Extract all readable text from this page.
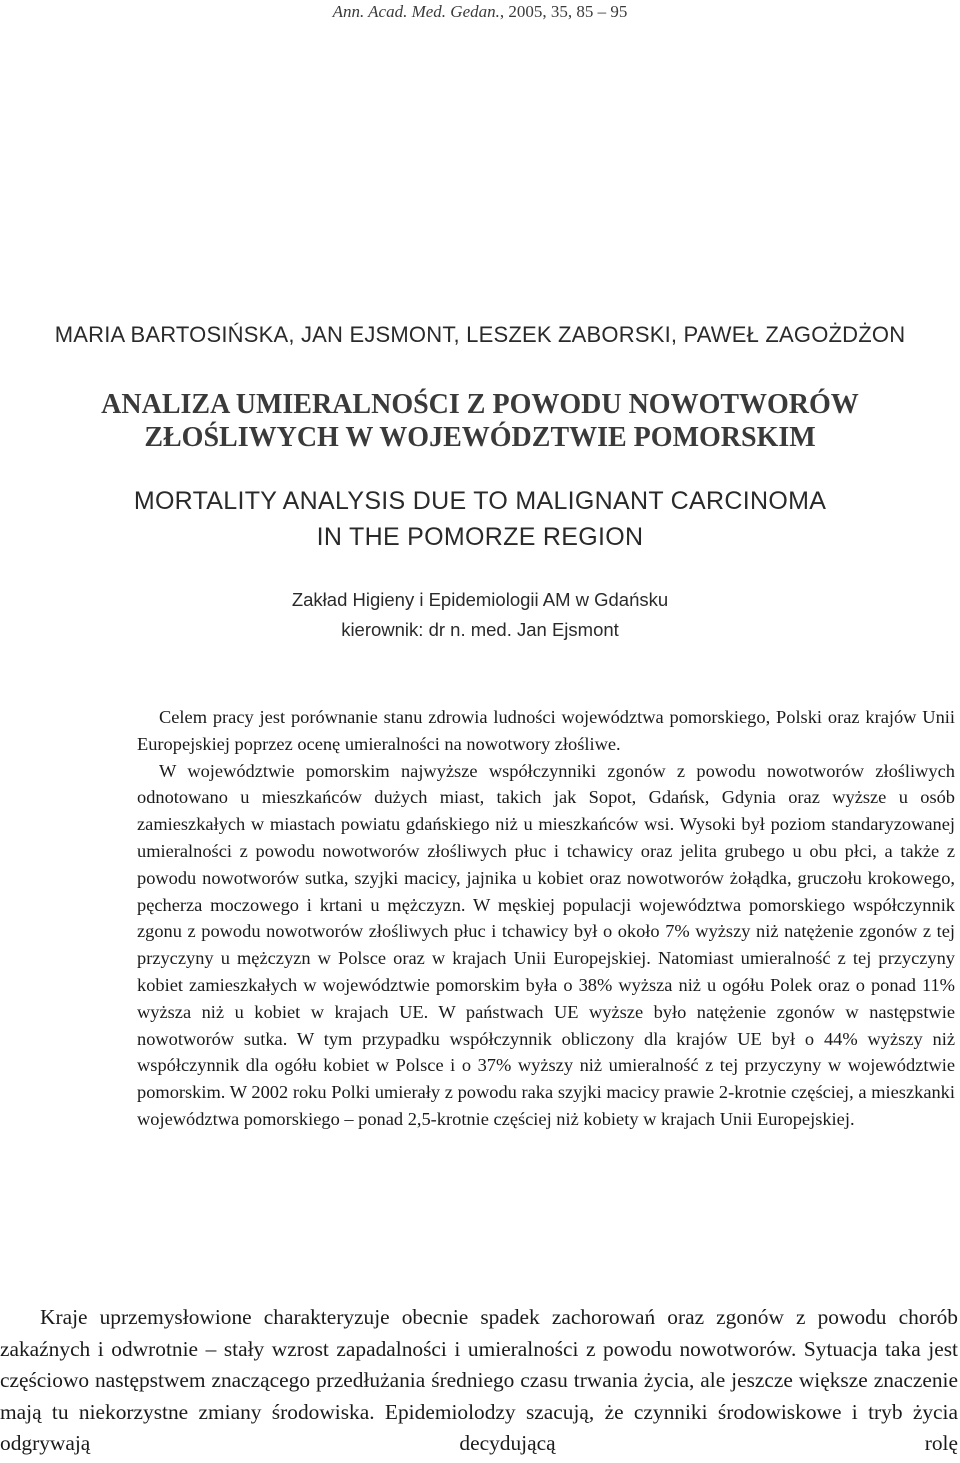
Ann. Acad. Med. Gedan., 2005, 35, 85 – 95
MARIA BARTOSIŃSKA, JAN EJSMONT, LESZEK ZABORSKI, PAWEŁ ZAGOŻDŻON
ANALIZA UMIERALNOŚCI Z POWODU NOWOTWORÓW
ZŁOŚLIWYCH W WOJEWÓDZTWIE POMORSKIM
MORTALITY ANALYSIS DUE TO MALIGNANT CARCINOMA
IN THE POMORZE REGION
Zakład Higieny i Epidemiologii AM w Gdańsku
kierownik: dr n. med. Jan Ejsmont

Celem pracy jest porównanie stanu zdrowia ludności województwa pomorskiego, Polski oraz krajów Unii Europejskiej poprzez ocenę umieralności na nowotwory złośliwe.

W województwie pomorskim najwyższe współczynniki zgonów z powodu nowotworów złośliwych odnotowano u mieszkańców dużych miast, takich jak Sopot, Gdańsk, Gdynia oraz wyższe u osób zamieszkałych w miastach powiatu gdańskiego niż u mieszkańców wsi. Wysoki był poziom standaryzowanej umieralności z powodu nowotworów złośliwych płuc i tchawicy oraz jelita grubego u obu płci, a także z powodu nowotworów sutka, szyjki macicy, jajnika u kobiet oraz nowotworów żołądka, gruczołu krokowego, pęcherza moczowego i krtani u mężczyzn. W męskiej populacji województwa pomorskiego współczynnik zgonu z powodu nowotworów złośliwych płuc i tchawicy był o około 7% wyższy niż natężenie zgonów z tej przyczyny u mężczyzn w Polsce oraz w krajach Unii Europejskiej. Natomiast umieralność z tej przyczyny kobiet zamieszkałych w województwie pomorskim była o 38% wyższa niż u ogółu Polek oraz o ponad 11% wyższa niż u kobiet w krajach UE. W państwach UE wyższe było natężenie zgonów w następstwie nowotworów sutka. W tym przypadku współczynnik obliczony dla krajów UE był o 44% wyższy niż współczynnik dla ogółu kobiet w Polsce i o 37% wyższy niż umieralność z tej przyczyny w województwie pomorskim. W 2002 roku Polki umierały z powodu raka szyjki macicy prawie 2-krotnie częściej, a mieszkanki województwa pomorskiego – ponad 2,5-krotnie częściej niż kobiety w krajach Unii Europejskiej.

Kraje uprzemysłowione charakteryzuje obecnie spadek zachorowań oraz zgonów z powodu chorób zakaźnych i odwrotnie – stały wzrost zapadalności i umieralności z powodu nowotworów. Sytuacja taka jest częściowo następstwem znaczącego przedłużania średniego czasu trwania życia, ale jeszcze większe znaczenie mają tu niekorzystne zmiany środowiska. Epidemiolodzy szacują, że czynniki środowiskowe i tryb życia odgrywają decydującą rolę
